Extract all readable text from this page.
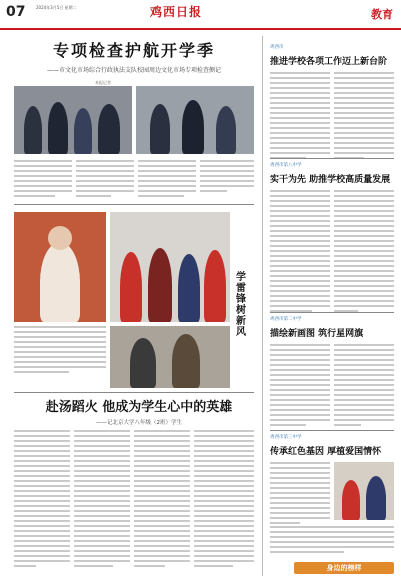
07	2024年3月5日 星期二	鸡西日报	教育
专项检查护航开学季
——市文化市场综合行政执法支队校园周边文化市场专项检查侧记
本报记者
学雷锋 树新风
赴汤蹈火 他成为学生心中的英雄
——记北京大学八年级（2班）学生
鸡西市
推进学校各项工作迈上新台阶
鸡西市第八中学
实干为先 助推学校高质量发展
鸡西市第二中学
描绘新画图 筑行星网旗
鸡西市第三中学
传承红色基因 厚植爱国情怀
身边的榜样
